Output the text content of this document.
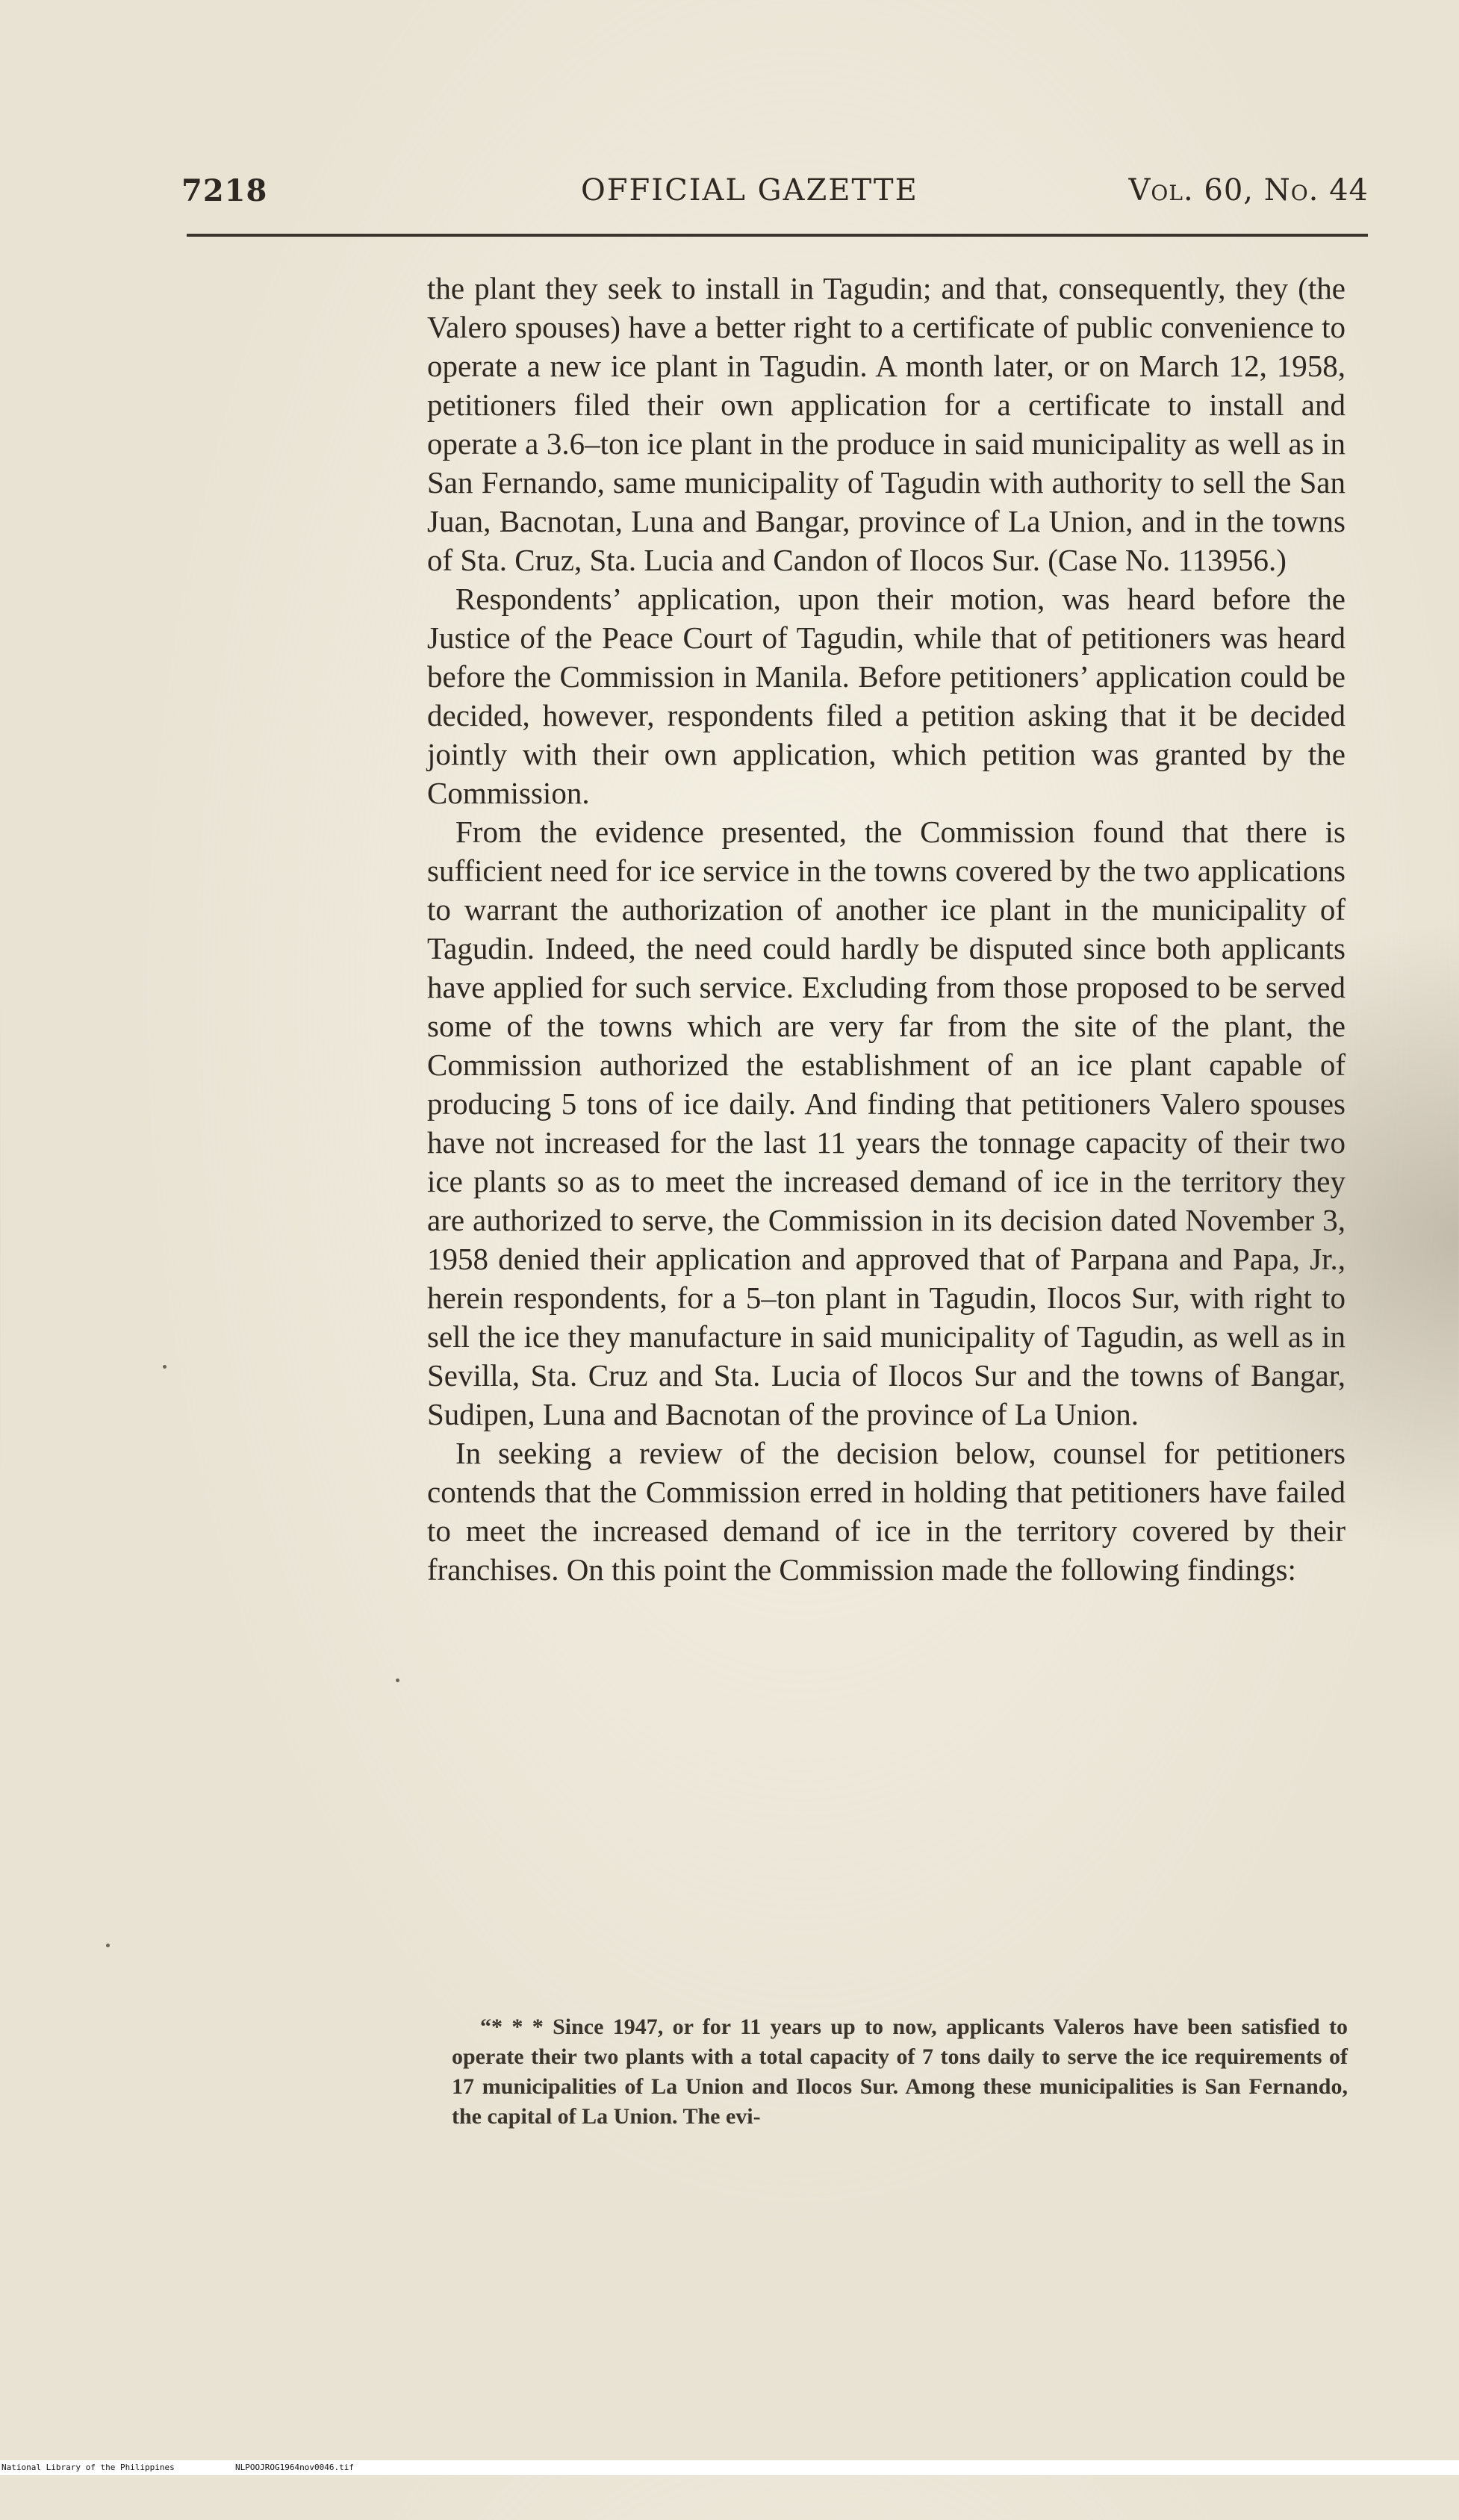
7218	OFFICIAL GAZETTE	Vol. 60, No. 44

the plant they seek to install in Tagudin; and that, consequently, they (the Valero spouses) have a better right to a certificate of public convenience to operate a new ice plant in Tagudin. A month later, or on March 12, 1958, petitioners filed their own application for a certificate to install and operate a 3.6–ton ice plant in the produce in said municipality as well as in San Fernando, same municipality of Tagudin with authority to sell the San Juan, Bacnotan, Luna and Bangar, province of La Union, and in the towns of Sta. Cruz, Sta. Lucia and Candon of Ilocos Sur. (Case No. 113956.)

Respondents’ application, upon their motion, was heard before the Justice of the Peace Court of Tagudin, while that of petitioners was heard before the Commission in Manila. Before petitioners’ application could be decided, however, respondents filed a petition asking that it be decided jointly with their own application, which petition was granted by the Commission.

From the evidence presented, the Commission found that there is sufficient need for ice service in the towns covered by the two applications to warrant the authorization of another ice plant in the municipality of Tagudin. Indeed, the need could hardly be disputed since both applicants have applied for such service. Excluding from those proposed to be served some of the towns which are very far from the site of the plant, the Commission authorized the establishment of an ice plant capable of producing 5 tons of ice daily. And finding that petitioners Valero spouses have not increased for the last 11 years the tonnage capacity of their two ice plants so as to meet the increased demand of ice in the territory they are authorized to serve, the Commission in its decision dated November 3, 1958 denied their application and approved that of Parpana and Papa, Jr., herein respondents, for a 5–ton plant in Tagudin, Ilocos Sur, with right to sell the ice they manufacture in said municipality of Tagudin, as well as in Sevilla, Sta. Cruz and Sta. Lucia of Ilocos Sur and the towns of Bangar, Sudipen, Luna and Bacnotan of the province of La Union.

In seeking a review of the decision below, counsel for petitioners contends that the Commission erred in holding that petitioners have failed to meet the increased demand of ice in the territory covered by their franchises. On this point the Commission made the following findings:

“* * * Since 1947, or for 11 years up to now, applicants Valeros have been satisfied to operate their two plants with a total capacity of 7 tons daily to serve the ice requirements of 17 municipalities of La Union and Ilocos Sur. Among these municipalities is San Fernando, the capital of La Union. The evi-

National Library of the Philippines

	NLPOOJROG1964nov0046.tif
